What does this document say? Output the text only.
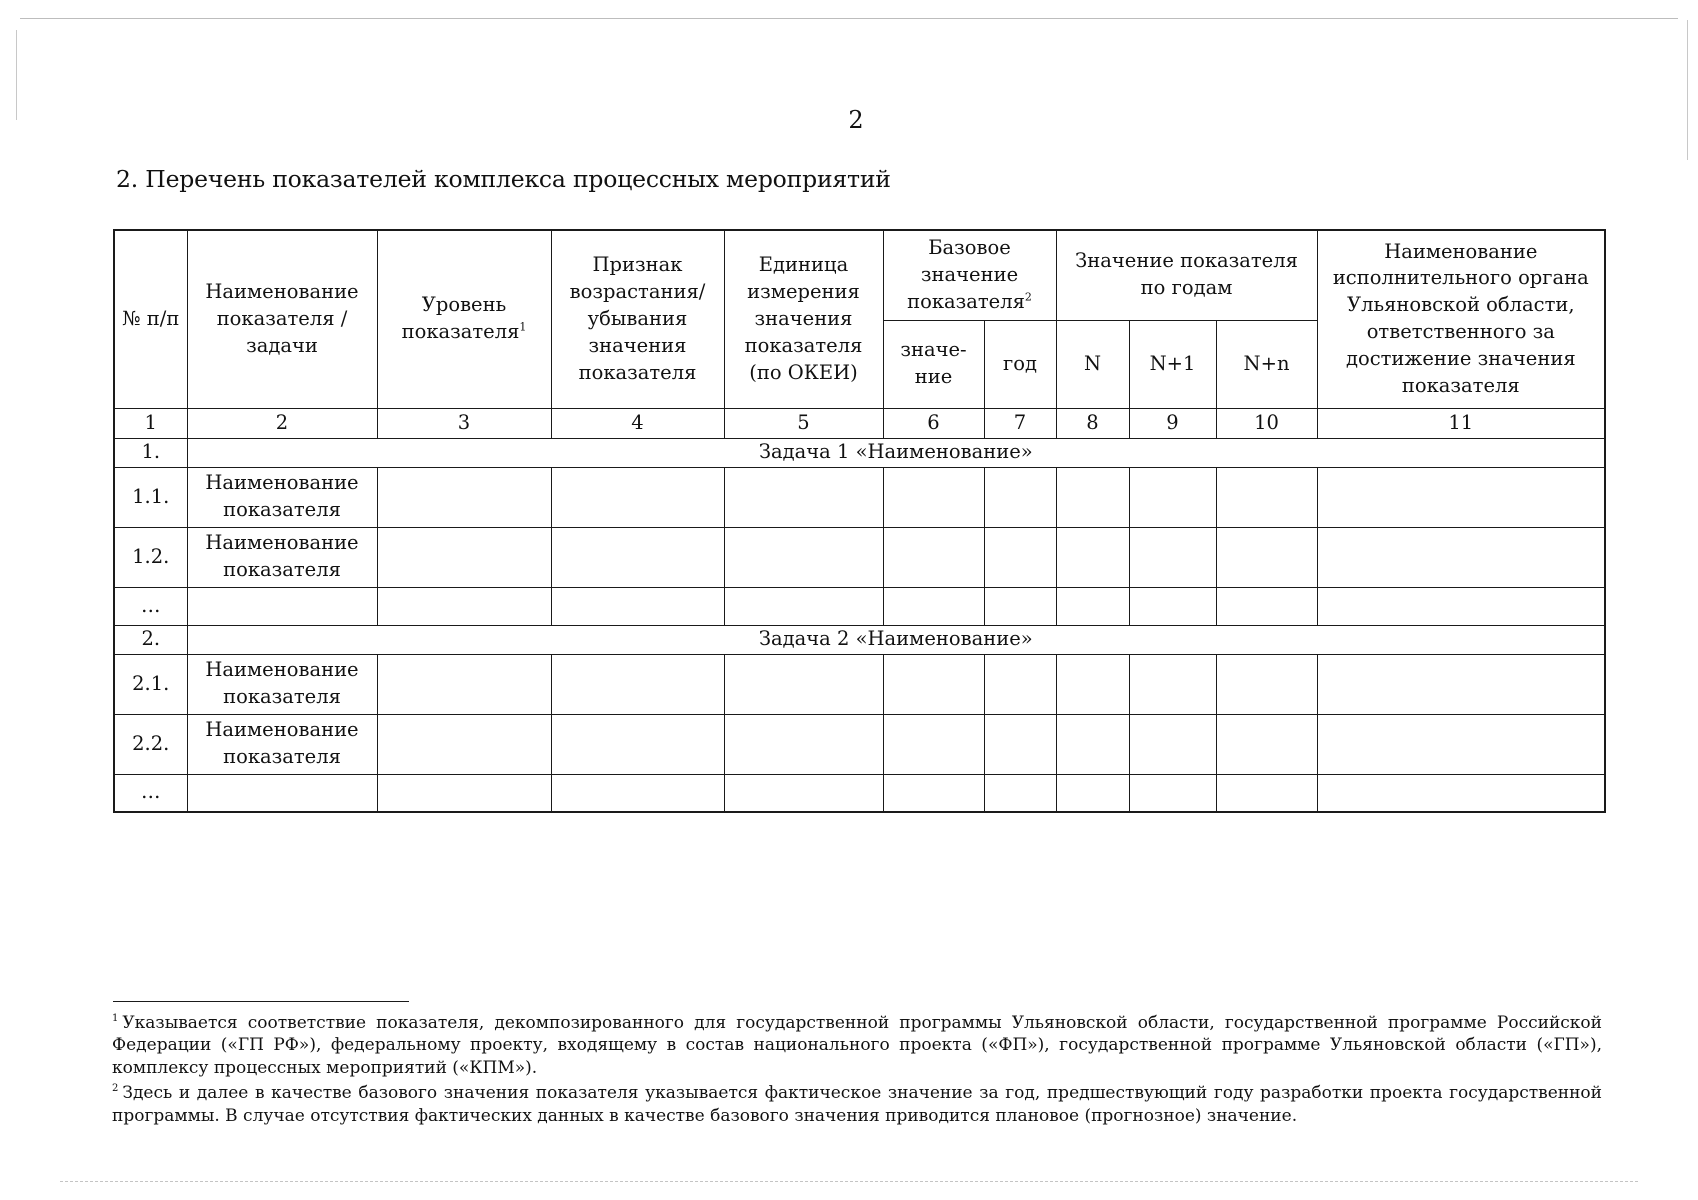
2
2. Перечень показателей комплекса процессных мероприятий
№ п/п	Наименование показателя / задачи	Уровень показателя$^1$	Признак возрастания/ убывания значения показателя	Единица измерения значения показателя (по ОКЕИ)	Базовое значение показателя$^2$		Значение показателя по годам			Наименование исполнительного органа Ульяновской области, ответственного за достижение значения показателя
					значе-ние	год	N	N+1	N+n	
1	2	3	4	5	6	7	8	9	10	11
1.	Задача 1 «Наименование»									
1.1.	Наименование показателя									
1.2.	Наименование показателя									
…										
2.	Задача 2 «Наименование»									
2.1.	Наименование показателя									
2.2.	Наименование показателя									
…										

$^1$ Указывается соответствие показателя, декомпозированного для государственной программы Ульяновской области, государственной программе Российской Федерации («ГП РФ»), федеральному проекту, входящему в состав национального проекта («ФП»), государственной программе Ульяновской области («ГП»), комплексу процессных мероприятий («КПМ»).

$^2$ Здесь и далее в качестве базового значения показателя указывается фактическое значение за год, предшествующий году разработки проекта государственной программы. В случае отсутствия фактических данных в качестве базового значения приводится плановое (прогнозное) значение.
